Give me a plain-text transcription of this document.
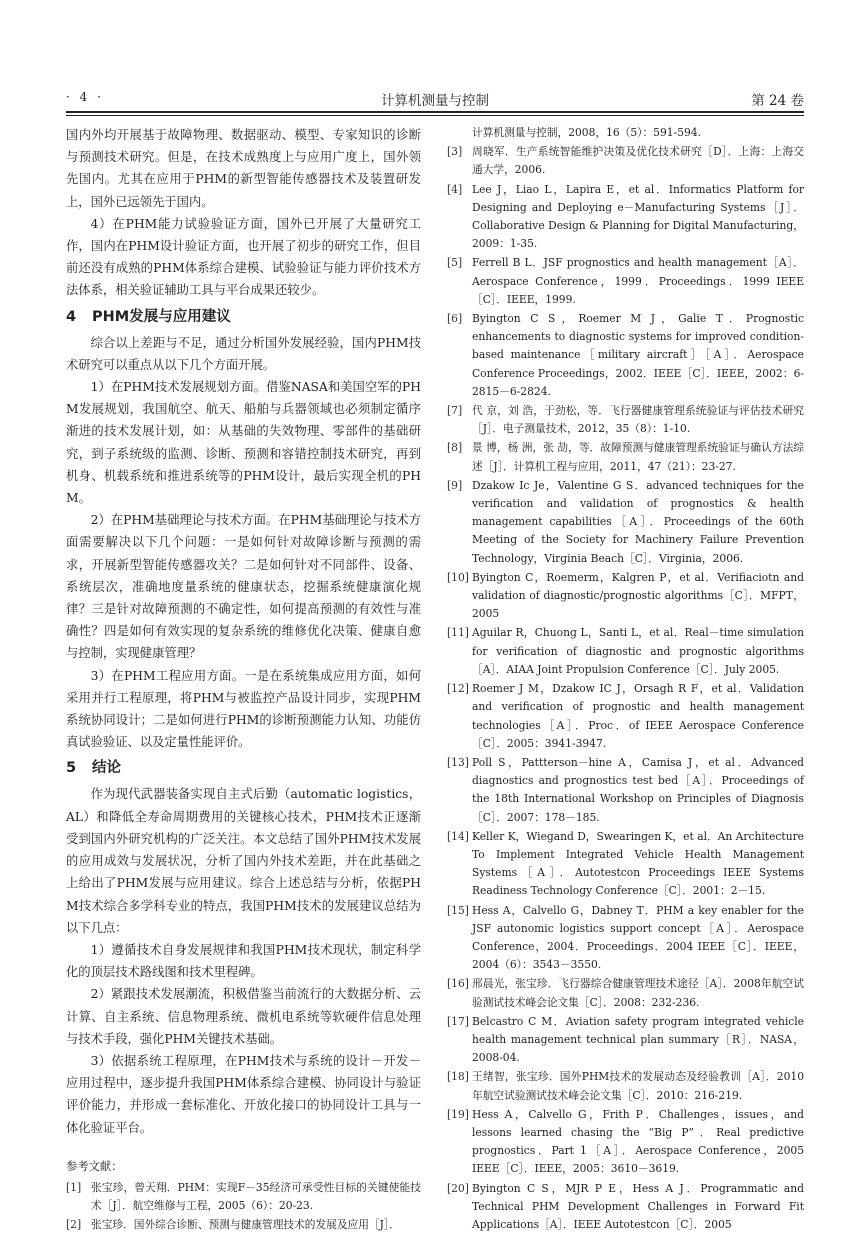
· 4 ·	计算机测量与控制	第 24 卷

国内外均开展基于故障物理、数据驱动、模型、专家知识的诊断与预测技术研究。但是，在技术成熟度上与应用广度上，国外领先国内。尤其在应用于PHM的新型智能传感器技术及装置研发上，国外已远领先于国内。

4）在PHM能力试验验证方面，国外已开展了大量研究工作，国内在PHM设计验证方面，也开展了初步的研究工作，但目前还没有成熟的PHM体系综合建模、试验验证与能力评价技术方法体系，相关验证辅助工具与平台成果还较少。

4 PHM发展与应用建议

综合以上差距与不足，通过分析国外发展经验，国内PHM技术研究可以重点从以下几个方面开展。

1）在PHM技术发展规划方面。借鉴NASA和美国空军的PHM发展规划，我国航空、航天、船舶与兵器领域也必须制定循序渐进的技术发展计划，如：从基础的失效物理、零部件的基础研究，到子系统级的监测、诊断、预测和容错控制技术研究，再到机身、机载系统和推进系统等的PHM设计，最后实现全机的PHM。

2）在PHM基础理论与技术方面。在PHM基础理论与技术方面需要解决以下几个问题：一是如何针对故障诊断与预测的需求，开展新型智能传感器攻关？二是如何针对不同部件、设备、系统层次，准确地度量系统的健康状态，挖掘系统健康演化规律？三是针对故障预测的不确定性，如何提高预测的有效性与准确性？四是如何有效实现的复杂系统的维修优化决策、健康自愈与控制，实现健康管理？

3）在PHM工程应用方面。一是在系统集成应用方面，如何采用并行工程原理，将PHM与被监控产品设计同步，实现PHM系统协同设计；二是如何进行PHM的诊断预测能力认知、功能仿真试验验证、以及定量性能评价。

5 结论

作为现代武器装备实现自主式后勤（automatic logistics，AL）和降低全寿命周期费用的关键核心技术，PHM技术正逐渐受到国内外研究机构的广泛关注。本文总结了国外PHM技术发展的应用成效与发展状况，分析了国内外技术差距，并在此基础之上给出了PHM发展与应用建议。综合上述总结与分析，依据PHM技术综合多学科专业的特点，我国PHM技术的发展建议总结为以下几点：

1）遵循技术自身发展规律和我国PHM技术现状，制定科学化的顶层技术路线图和技术里程碑。

2）紧跟技术发展潮流，积极借鉴当前流行的大数据分析、云计算、自主系统、信息物理系统、微机电系统等软硬件信息处理与技术手段，强化PHM关键技术基础。

3）依据系统工程原理，在PHM技术与系统的设计－开发－应用过程中，逐步提升我国PHM体系综合建模、协同设计与验证评价能力，并形成一套标准化、开放化接口的协同设计工具与一体化验证平台。

参考文献：
[1] 张宝珍，曾天翔．PHM：实现F－35经济可承受性目标的关键使能技术［J］．航空维修与工程，2005（6）：20-23.
[2] 张宝珍．国外综合诊断、预测与健康管理技术的发展及应用［J］．
计算机测量与控制，2008，16（5）：591-594.
[3] 周晓军．生产系统智能维护决策及优化技术研究［D］．上海：上海交通大学，2006.
[4] Lee J，Liao L，Lapira E，et al．Informatics Platform for Designing and Deploying e－Manufacturing Systems［J］．Collaborative Design & Planning for Digital Manufacturing，2009：1-35.
[5] Ferrell B L．JSF prognostics and health management［A］．Aerospace Conference，1999．Proceedings．1999 IEEE［C］．IEEE，1999.
[6] Byington C S，Roemer M J，Galie T．Prognostic enhancements to diagnostic systems for improved condition-based maintenance［military aircraft］［A］．Aerospace Conference Proceedings，2002．IEEE［C］．IEEE，2002：6-2815－6-2824.
[7] 代 京，刘 浩，于劲松，等．飞行器健康管理系统验证与评估技术研究［J］．电子测量技术，2012，35（8）：1-10.
[8] 景 博，杨 洲，张 劼，等．故障预测与健康管理系统验证与确认方法综述［J］．计算机工程与应用，2011，47（21）：23-27.
[9] Dzakow Ic Je，Valentine G S．advanced techniques for the verification and validation of prognostics & health management capabilities［A］．Proceedings of the 60th Meeting of the Society for Machinery Failure Prevention Technology，Virginia Beach［C］．Virginia，2006.
[10] Byington C，Roemerm，Kalgren P，et al．Verifiaciotn and validation of diagnostic/prognostic algorithms［C］．MFPT，2005
[11] Aguilar R，Chuong L，Santi L，et al．Real－time simulation for verification of diagnostic and prognostic algorithms［A］．AIAA Joint Propulsion Conference［C］．July 2005.
[12] Roemer J M，Dzakow IC J，Orsagh R F，et al．Validation and verification of prognostic and health management technologies［A］．Proc．of IEEE Aerospace Conference［C］．2005：3941-3947.
[13] Poll S，Pattterson－hine A，Camisa J，et al．Advanced diagnostics and prognostics test bed［A］．Proceedings of the 18th International Workshop on Principles of Diagnosis［C］．2007：178－185.
[14] Keller K，Wiegand D，Swearingen K，et al．An Architecture To Implement Integrated Vehicle Health Management Systems［A］．Autotestcon Proceedings IEEE Systems Readiness Technology Conference［C］．2001：2－15.
[15] Hess A，Calvello G，Dabney T．PHM a key enabler for the JSF autonomic logistics support concept［A］．Aerospace Conference，2004．Proceedings．2004 IEEE［C］．IEEE，2004（6）：3543－3550.
[16] 邢晨光，张宝珍．飞行器综合健康管理技术途径［A］．2008年航空试验测试技术峰会论文集［C］．2008：232-236.
[17] Belcastro C M．Aviation safety program integrated vehicle health management technical plan summary［R］．NASA，2008-04.
[18] 王绪智，张宝珍．国外PHM技术的发展动态及经验教训［A］．2010年航空试验测试技术峰会论文集［C］．2010：216-219.
[19] Hess A，Calvello G，Frith P．Challenges，issues，and lessons learned chasing the “Big P”．Real predictive prognostics．Part 1［A］．Aerospace Conference，2005 IEEE［C］．IEEE，2005：3610－3619.
[20] Byington C S，MJR P E，Hess A J．Programmatic and Technical PHM Development Challenges in Forward Fit Applications［A］．IEEE Autotestcon［C］．2005
